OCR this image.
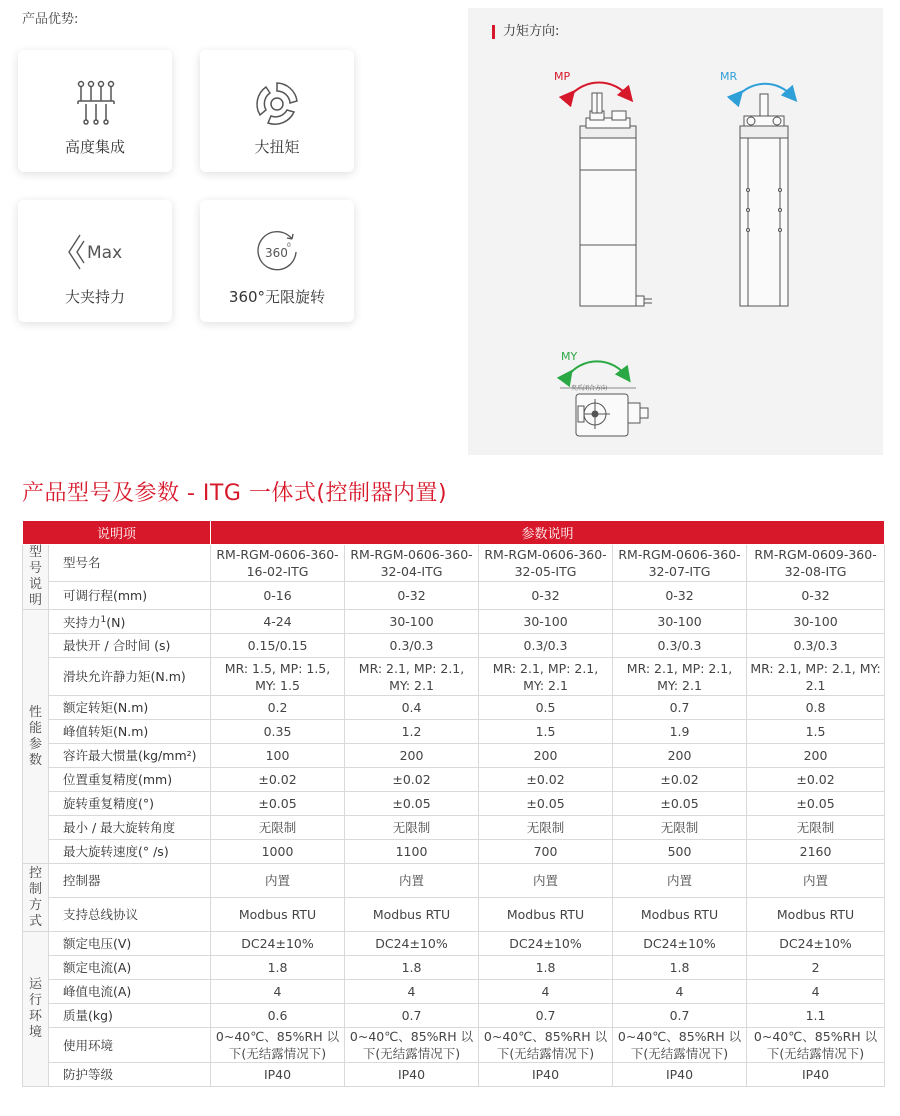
产品优势:
高度集成	大扭矩
Max
大夹持力
360
0
360°无限旋转
力矩方向:
MP	MR
MY
夹爪闭合方向
产品型号及参数 - ITG 一体式(控制器内置)
说明项		参数说明				

型号说明	型号名	RM-RGM-0606-360-16-02-ITG	RM-RGM-0606-360-32-04-ITG	RM-RGM-0606-360-32-05-ITG	RM-RGM-0606-360-32-07-ITG	RM-RGM-0609-360-32-08-ITG
	可调行程(mm)	0-16	0-32	0-32	0-32	0-32

性能参数	夹持力$^1$(N)	4-24	30-100	30-100	30-100	30-100
	最快开 / 合时间 (s)	0.15/0.15	0.3/0.3	0.3/0.3	0.3/0.3	0.3/0.3
	滑块允许静力矩(N.m)	MR: 1.5, MP: 1.5, MY: 1.5	MR: 2.1, MP: 2.1, MY: 2.1	MR: 2.1, MP: 2.1, MY: 2.1	MR: 2.1, MP: 2.1, MY: 2.1	MR: 2.1, MP: 2.1, MY: 2.1
	额定转矩(N.m)	0.2	0.4	0.5	0.7	0.8
	峰值转矩(N.m)	0.35	1.2	1.5	1.9	1.5
	容许最大惯量(kg/mm²)	100	200	200	200	200
	位置重复精度(mm)	±0.02	±0.02	±0.02	±0.02	±0.02
	旋转重复精度(°)	±0.05	±0.05	±0.05	±0.05	±0.05
	最小 / 最大旋转角度	无限制	无限制	无限制	无限制	无限制
	最大旋转速度(° /s)	1000	1100	700	500	2160

控制方式	控制器	内置	内置	内置	内置	内置
	支持总线协议	Modbus RTU	Modbus RTU	Modbus RTU	Modbus RTU	Modbus RTU

运行环境	额定电压(V)	DC24±10%	DC24±10%	DC24±10%	DC24±10%	DC24±10%
	额定电流(A)	1.8	1.8	1.8	1.8	2
	峰值电流(A)	4	4	4	4	4
	质量(kg)	0.6	0.7	0.7	0.7	1.1
	使用环境	0~40℃、85%RH 以下(无结露情况下)	0~40℃、85%RH 以下(无结露情况下)	0~40℃、85%RH 以下(无结露情况下)	0~40℃、85%RH 以下(无结露情况下)	0~40℃、85%RH 以下(无结露情况下)
	防护等级	IP40	IP40	IP40	IP40	IP40
